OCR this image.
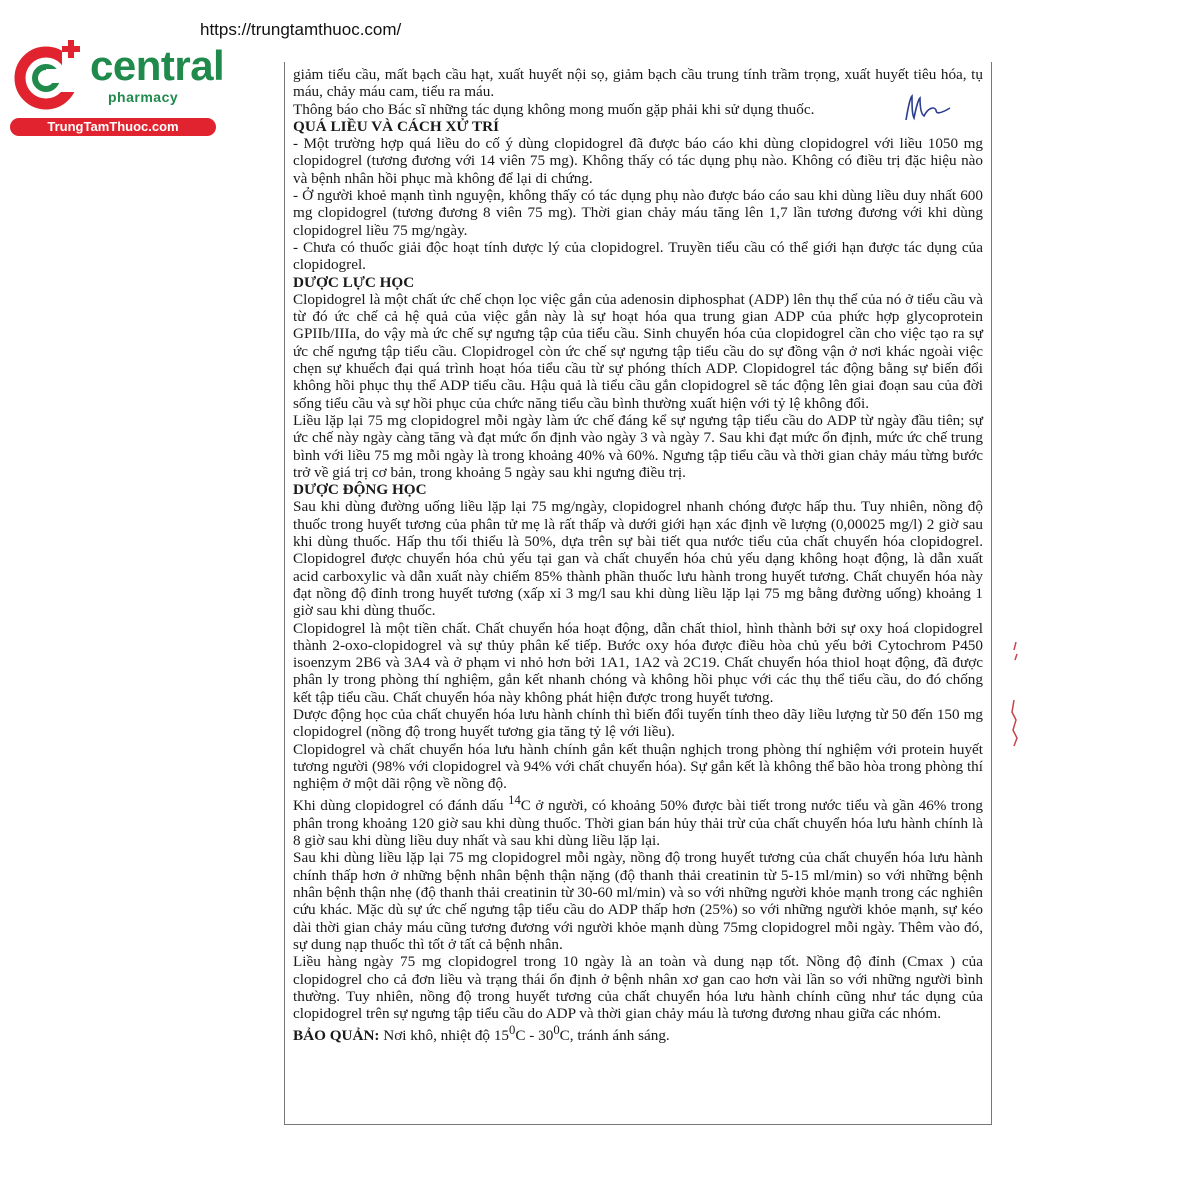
https://trungtamthuoc.com/
central
pharmacy
TrungTamThuoc.com

giảm tiểu cầu, mất bạch cầu hạt, xuất huyết nội sọ, giảm bạch cầu trung tính trầm trọng, xuất huyết tiêu hóa, tụ máu, chảy máu cam, tiểu ra máu.

Thông báo cho Bác sĩ những tác dụng không mong muốn gặp phải khi sử dụng thuốc.

QUÁ LIỀU VÀ CÁCH XỬ TRÍ

- Một trường hợp quá liều do cố ý dùng clopidogrel đã được báo cáo khi dùng clopidogrel với liều 1050 mg clopidogrel (tương đương với 14 viên 75 mg). Không thấy có tác dụng phụ nào. Không có điều trị đặc hiệu nào và bệnh nhân hồi phục mà không để lại di chứng.

- Ở người khoẻ mạnh tình nguyện, không thấy có tác dụng phụ nào được báo cáo sau khi dùng liều duy nhất 600 mg clopidogrel (tương đương 8 viên 75 mg). Thời gian chảy máu tăng lên 1,7 lần tương đương với khi dùng clopidogrel liều 75 mg/ngày.

- Chưa có thuốc giải độc hoạt tính dược lý của clopidogrel. Truyền tiểu cầu có thể giới hạn được tác dụng của clopidogrel.

DƯỢC LỰC HỌC

Clopidogrel là một chất ức chế chọn lọc việc gắn của adenosin diphosphat (ADP) lên thụ thể của nó ở tiểu cầu và từ đó ức chế cả hệ quả của việc gắn này là sự hoạt hóa qua trung gian ADP của phức hợp glycoprotein GPIIb/IIIa, do vậy mà ức chế sự ngưng tập của tiểu cầu. Sinh chuyển hóa của clopidogrel cần cho việc tạo ra sự ức chế ngưng tập tiểu cầu. Clopidrogel còn ức chế sự ngưng tập tiểu cầu do sự đồng vận ở nơi khác ngoài việc chẹn sự khuếch đại quá trình hoạt hóa tiểu cầu từ sự phóng thích ADP. Clopidogrel tác động bằng sự biến đổi không hồi phục thụ thể ADP tiểu cầu. Hậu quả là tiểu cầu gắn clopidogrel sẽ tác động lên giai đoạn sau của đời sống tiểu cầu và sự hồi phục của chức năng tiểu cầu bình thường xuất hiện với tỷ lệ không đổi.

Liều lặp lại 75 mg clopidogrel mỗi ngày làm ức chế đáng kể sự ngưng tập tiểu cầu do ADP từ ngày đầu tiên; sự ức chế này ngày càng tăng và đạt mức ổn định vào ngày 3 và ngày 7. Sau khi đạt mức ổn định, mức ức chế trung bình với liều 75 mg mỗi ngày là trong khoảng 40% và 60%. Ngưng tập tiểu cầu và thời gian chảy máu từng bước trở về giá trị cơ bản, trong khoảng 5 ngày sau khi ngưng điều trị.

DƯỢC ĐỘNG HỌC

Sau khi dùng đường uống liều lặp lại 75 mg/ngày, clopidogrel nhanh chóng được hấp thu. Tuy nhiên, nồng độ thuốc trong huyết tương của phân tử mẹ là rất thấp và dưới giới hạn xác định về lượng (0,00025 mg/l) 2 giờ sau khi dùng thuốc. Hấp thu tối thiểu là 50%, dựa trên sự bài tiết qua nước tiểu của chất chuyển hóa clopidogrel. Clopidogrel được chuyển hóa chủ yếu tại gan và chất chuyển hóa chủ yếu dạng không hoạt động, là dẫn xuất acid carboxylic và dẫn xuất này chiếm 85% thành phần thuốc lưu hành trong huyết tương. Chất chuyển hóa này đạt nồng độ đỉnh trong huyết tương (xấp xỉ 3 mg/l sau khi dùng liều lặp lại 75 mg bằng đường uống) khoảng 1 giờ sau khi dùng thuốc.

Clopidogrel là một tiền chất. Chất chuyển hóa hoạt động, dẫn chất thiol, hình thành bởi sự oxy hoá clopidogrel thành 2-oxo-clopidogrel và sự thủy phân kế tiếp. Bước oxy hóa được điều hòa chủ yếu bởi Cytochrom P450 isoenzym 2B6 và 3A4 và ở phạm vi nhỏ hơn bởi 1A1, 1A2 và 2C19. Chất chuyển hóa thiol hoạt động, đã được phân ly trong phòng thí nghiệm, gắn kết nhanh chóng và không hồi phục với các thụ thể tiểu cầu, do đó chống kết tập tiểu cầu. Chất chuyển hóa này không phát hiện được trong huyết tương.

Dược động học của chất chuyển hóa lưu hành chính thì biến đổi tuyến tính theo dãy liều lượng từ 50 đến 150 mg clopidogrel (nồng độ trong huyết tương gia tăng tỷ lệ với liều).

Clopidogrel và chất chuyển hóa lưu hành chính gắn kết thuận nghịch trong phòng thí nghiệm với protein huyết tương người (98% với clopidogrel và 94% với chất chuyển hóa). Sự gắn kết là không thể bão hòa trong phòng thí nghiệm ở một dãi rộng về nồng độ.

Khi dùng clopidogrel có đánh dấu $^{14}$C ở người, có khoảng 50% được bài tiết trong nước tiểu và gần 46% trong phân trong khoảng 120 giờ sau khi dùng thuốc. Thời gian bán hủy thải trừ của chất chuyển hóa lưu hành chính là 8 giờ sau khi dùng liều duy nhất và sau khi dùng liều lặp lại.

Sau khi dùng liều lặp lại 75 mg clopidogrel mỗi ngày, nồng độ trong huyết tương của chất chuyển hóa lưu hành chính thấp hơn ở những bệnh nhân bệnh thận nặng (độ thanh thải creatinin từ 5-15 ml/min) so với những bệnh nhân bệnh thận nhẹ (độ thanh thải creatinin từ 30-60 ml/min) và so với những người khỏe mạnh trong các nghiên cứu khác. Mặc dù sự ức chế ngưng tập tiểu cầu do ADP thấp hơn (25%) so với những người khỏe mạnh, sự kéo dài thời gian chảy máu cũng tương đương với người khỏe mạnh dùng 75mg clopidogrel mỗi ngày. Thêm vào đó, sự dung nạp thuốc thì tốt ở tất cả bệnh nhân.

Liều hàng ngày 75 mg clopidogrel trong 10 ngày là an toàn và dung nạp tốt. Nồng độ đỉnh (Cmax ) của clopidogrel cho cả đơn liều và trạng thái ổn định ở bệnh nhân xơ gan cao hơn vài lần so với những người bình thường. Tuy nhiên, nồng độ trong huyết tương của chất chuyển hóa lưu hành chính cũng như tác dụng của clopidogrel trên sự ngưng tập tiểu cầu do ADP và thời gian chảy máu là tương đương nhau giữa các nhóm.

BẢO QUẢN: Nơi khô, nhiệt độ $15^0C - 30^0C$, tránh ánh sáng.
